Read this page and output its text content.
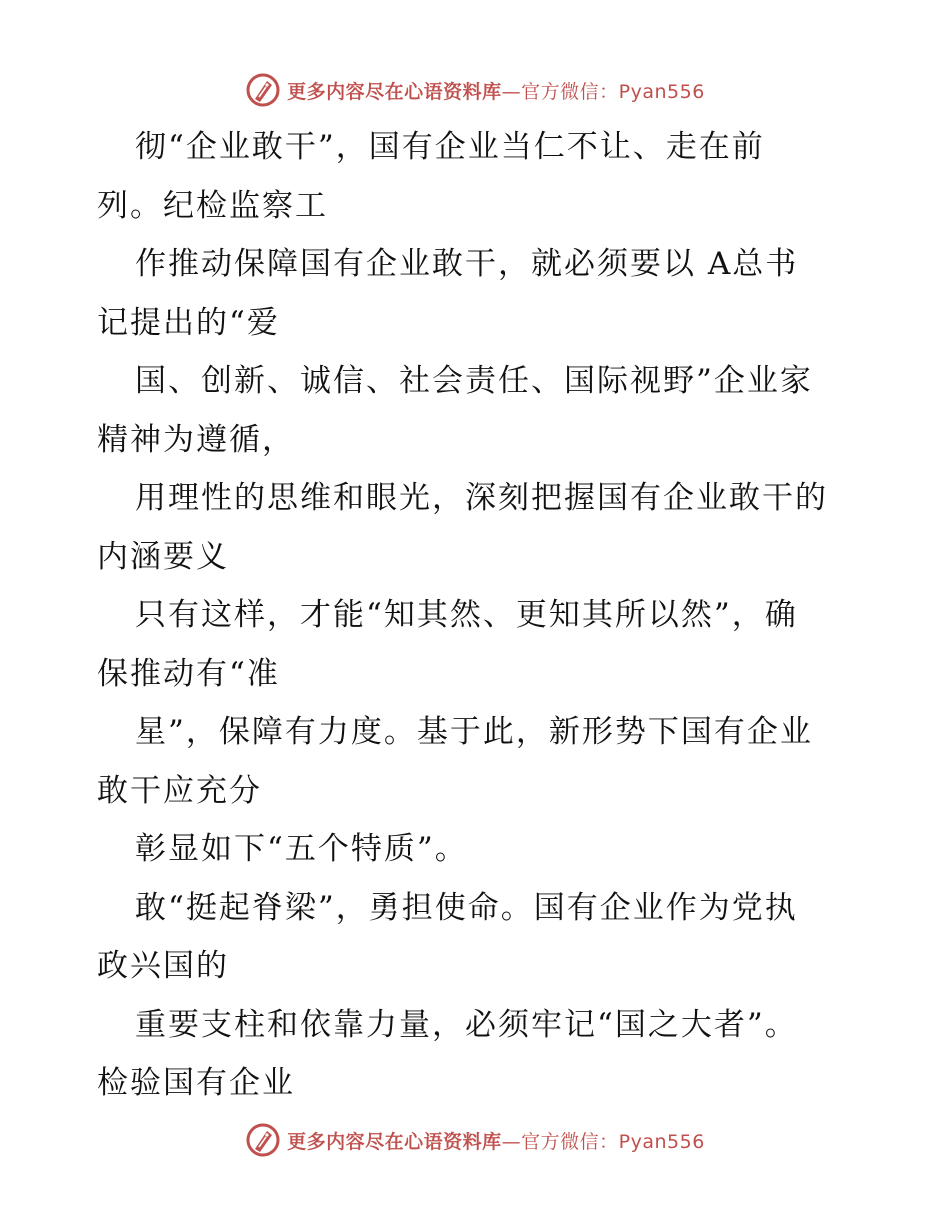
更多内容尽在心语资料库—官方微信：Pyan556
彻“企业敢干”，国有企业当仁不让、走在前
列。纪检监察工
作推动保障国有企业敢干，就必须要以 A总书
记提出的“爱
国、创新、诚信、社会责任、国际视野”企业家
精神为遵循，
用理性的思维和眼光，深刻把握国有企业敢干的
内涵要义
只有这样，才能“知其然、更知其所以然”，确
保推动有“准
星”，保障有力度。基于此，新形势下国有企业
敢干应充分
彰显如下“五个特质”。
敢“挺起脊梁”，勇担使命。国有企业作为党执
政兴国的
重要支柱和依靠力量，必须牢记“国之大者”。
检验国有企业
更多内容尽在心语资料库—官方微信：Pyan556
